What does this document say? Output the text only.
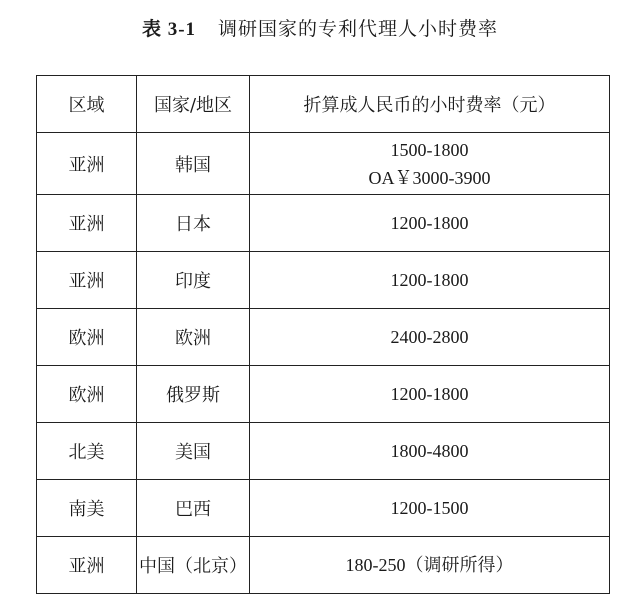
表 3-1 调研国家的专利代理人小时费率
区域	国家/地区	折算成人民币的小时费率（元）
亚洲	韩国	1500-1800
OA￥3000-3900

亚洲	日本	1200-1800

亚洲	印度	1200-1800

欧洲	欧洲	2400-2800

欧洲	俄罗斯	1200-1800

北美	美国	1800-4800

南美	巴西	1200-1500

亚洲	中国（北京）	180-250（调研所得）
